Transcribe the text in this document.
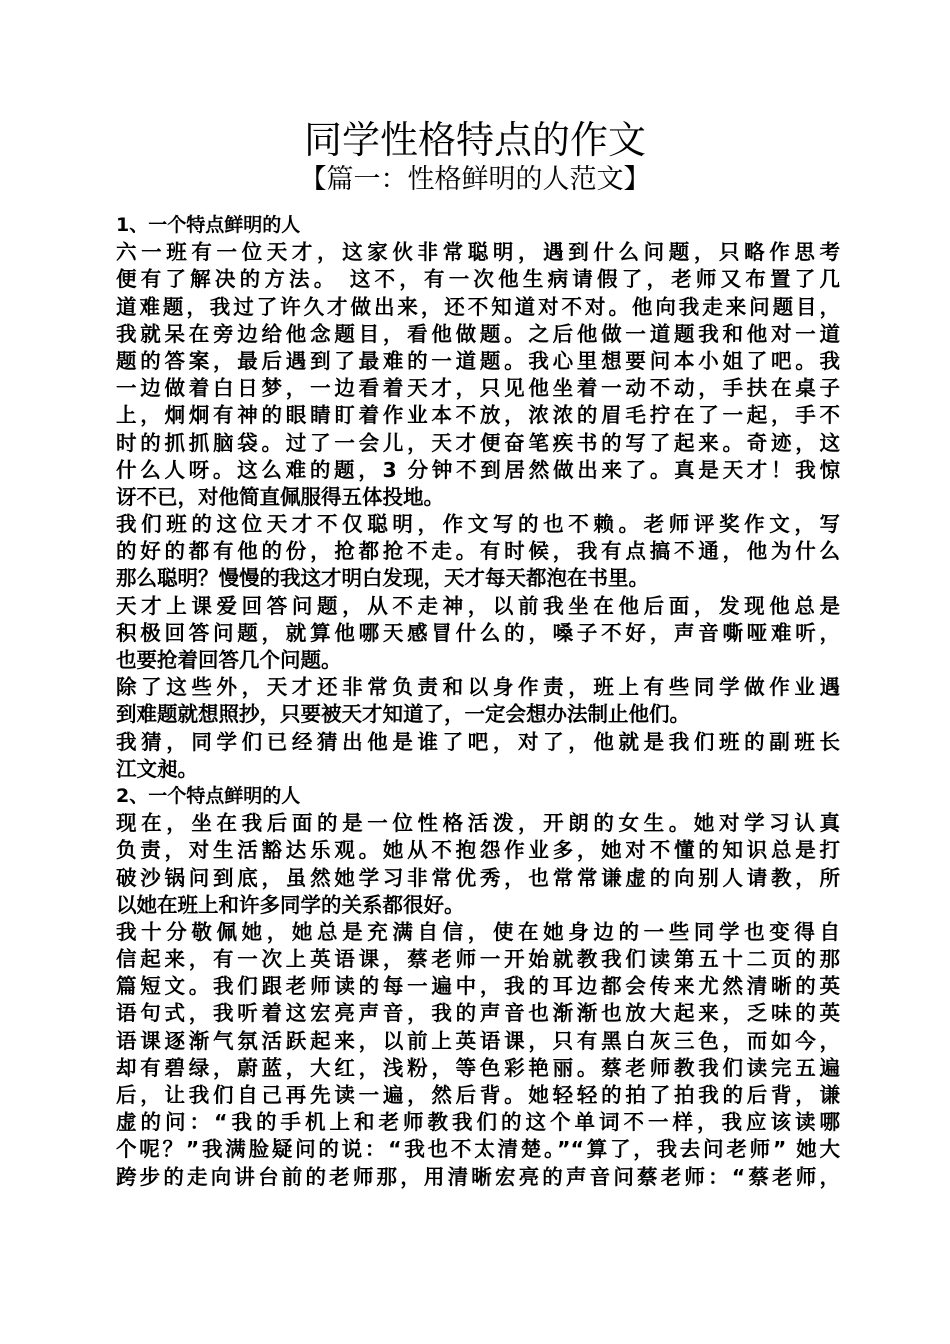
同学性格特点的作文
【篇一：性格鲜明的人范文】
1、一个特点鲜明的人
六一班有一位天才，这家伙非常聪明，遇到什么问题，只略作思考
便有了解决的方法。 这不，有一次他生病请假了，老师又布置了几
道难题，我过了许久才做出来，还不知道对不对。他向我走来问题目，
我就呆在旁边给他念题目，看他做题。之后他做一道题我和他对一道
题的答案，最后遇到了最难的一道题。我心里想要问本小姐了吧。我
一边做着白日梦，一边看着天才，只见他坐着一动不动，手扶在桌子
上，炯炯有神的眼睛盯着作业本不放，浓浓的眉毛拧在了一起，手不
时的抓抓脑袋。过了一会儿，天才便奋笔疾书的写了起来。奇迹，这
什么人呀。这么难的题，3 分钟不到居然做出来了。真是天才！我惊
讶不已，对他简直佩服得五体投地。
我们班的这位天才不仅聪明，作文写的也不赖。老师评奖作文，写
的好的都有他的份，抢都抢不走。有时候，我有点搞不通，他为什么
那么聪明？慢慢的我这才明白发现，天才每天都泡在书里。
天才上课爱回答问题，从不走神，以前我坐在他后面，发现他总是
积极回答问题，就算他哪天感冒什么的，嗓子不好，声音嘶哑难听，
也要抢着回答几个问题。
除了这些外，天才还非常负责和以身作责，班上有些同学做作业遇
到难题就想照抄，只要被天才知道了，一定会想办法制止他们。
我猜，同学们已经猜出他是谁了吧，对了，他就是我们班的副班长
江文昶。
2、一个特点鲜明的人
现在，坐在我后面的是一位性格活泼，开朗的女生。她对学习认真
负责，对生活豁达乐观。她从不抱怨作业多，她对不懂的知识总是打
破沙锅问到底，虽然她学习非常优秀，也常常谦虚的向别人请教，所
以她在班上和许多同学的关系都很好。
我十分敬佩她，她总是充满自信，使在她身边的一些同学也变得自
信起来，有一次上英语课，蔡老师一开始就教我们读第五十二页的那
篇短文。我们跟老师读的每一遍中，我的耳边都会传来尤然清晰的英
语句式，我听着这宏亮声音，我的声音也渐渐也放大起来，乏味的英
语课逐渐气氛活跃起来，以前上英语课，只有黑白灰三色，而如今，
却有碧绿，蔚蓝，大红，浅粉，等色彩艳丽。蔡老师教我们读完五遍
后，让我们自己再先读一遍，然后背。她轻轻的拍了拍我的后背，谦
虚的问：“我的手机上和老师教我们的这个单词不一样，我应该读哪
个呢？”我满脸疑问的说：“我也不太清楚。”“算了，我去问老师” 她大
跨步的走向讲台前的老师那，用清晰宏亮的声音问蔡老师：“蔡老师，
